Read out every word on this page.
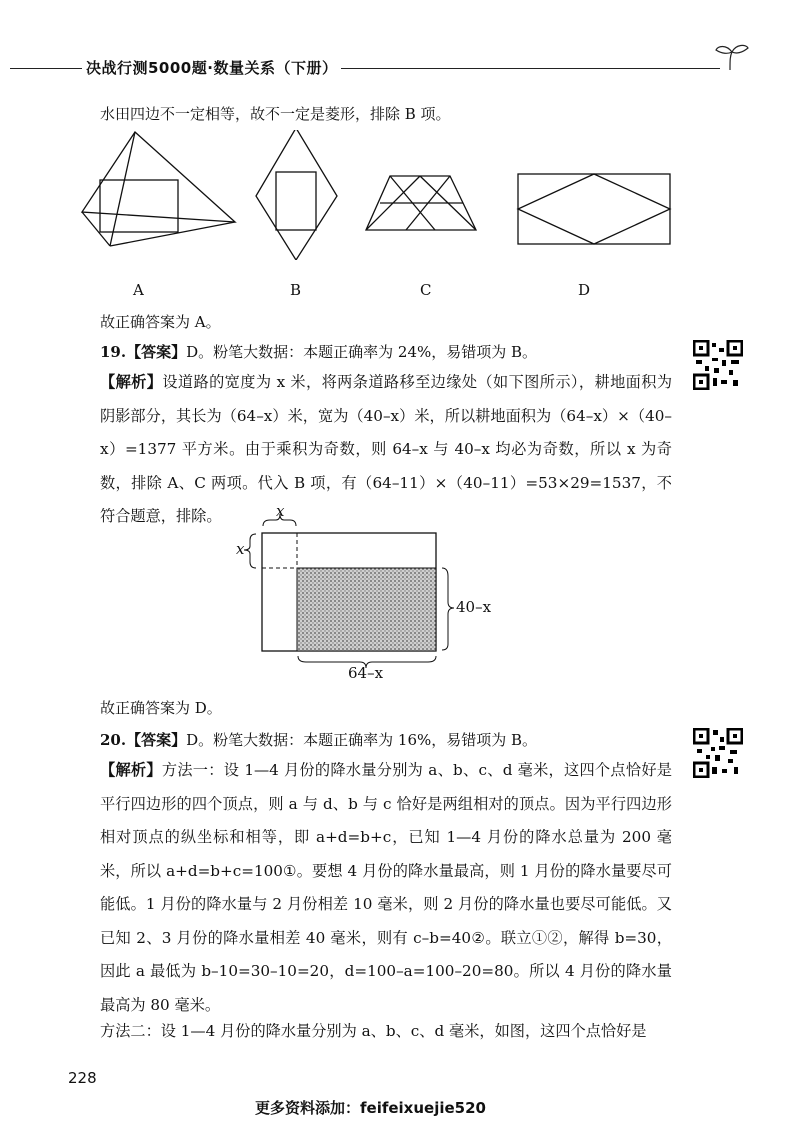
决战行测5000题·数量关系（下册）
水田四边不一定相等，故不一定是菱形，排除 B 项。
A	B	C	D
故正确答案为 A。
19.【答案】D。粉笔大数据：本题正确率为 24%，易错项为 B。
【解析】设道路的宽度为 x 米，将两条道路移至边缘处（如下图所示），耕地面积为阴影部分，其长为（64–x）米，宽为（40–x）米，所以耕地面积为（64–x）×（40–x）=1377 平方米。由于乘积为奇数，则 64–x 与 40–x 均必为奇数，所以 x 为奇数，排除 A、C 两项。代入 B 项，有（64–11）×（40–11）=53×29=1537，不符合题意，排除。	x
x
40–x
64–x
故正确答案为 D。
20.【答案】D。粉笔大数据：本题正确率为 16%，易错项为 B。
【解析】方法一：设 1—4 月份的降水量分别为 a、b、c、d 毫米，这四个点恰好是平行四边形的四个顶点，则 a 与 d、b 与 c 恰好是两组相对的顶点。因为平行四边形相对顶点的纵坐标和相等，即 a+d=b+c，已知 1—4 月份的降水总量为 200 毫米，所以 a+d=b+c=100①。要想 4 月份的降水量最高，则 1 月份的降水量要尽可能低。1 月份的降水量与 2 月份相差 10 毫米，则 2 月份的降水量也要尽可能低。又已知 2、3 月份的降水量相差 40 毫米，则有 c–b=40②。联立①②，解得 b=30，因此 a 最低为 b–10=30–10=20，d=100–a=100–20=80。所以 4 月份的降水量最高为 80 毫米。
方法二：设 1—4 月份的降水量分别为 a、b、c、d 毫米，如图，这四个点恰好是
228
更多资料添加：feifeixuejie520
